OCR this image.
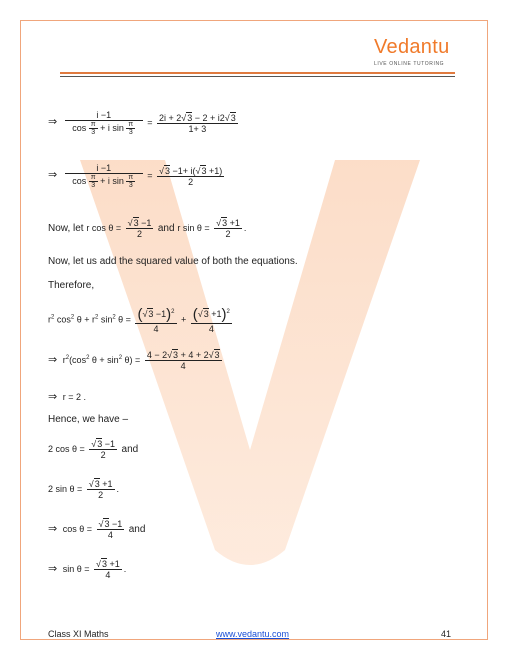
Vedantu
LIVE ONLINE TUTORING
⇒ $\frac{i -1}{\cos \frac{\pi}{3} + i \sin \frac{\pi}{3}} = \frac{2i + 2√3 - 2 + i2√3}{1+ 3}$
⇒ $\frac{i -1}{\cos \frac{\pi}{3} + i \sin \frac{\pi}{3}} = \frac{√3 -1+ i(√3 +1)}{2}$
Now, let r $\cos \theta = \frac{√3 -1}{2}$ and r $\sin \theta = \frac{√3 +1}{2}$ .
Now, let us add the squared value of both the equations.
Therefore,
$r^2$ $\cos^2 \theta + r^2$ $\sin^2 \theta = \frac{(√3 -1)^2}{4} + \frac{(√3 +1)^2}{4}$
⇒ $r^2(\cos^2$ $\theta + \sin^2 \theta) = \frac{4 - 2√3 + 4 + 2√3}{4}$
⇒ r = 2 .
Hence, we have –
2 $\cos \theta = \frac{√3 -1}{2}$ and
2 $\sin \theta = \frac{√3 +1}{2}$ .
⇒ $\cos \theta = \frac{√3 -1}{4}$ and
⇒ $\sin \theta = \frac{√3 +1}{4}$ .
Class XI Maths	www.vedantu.com	41
